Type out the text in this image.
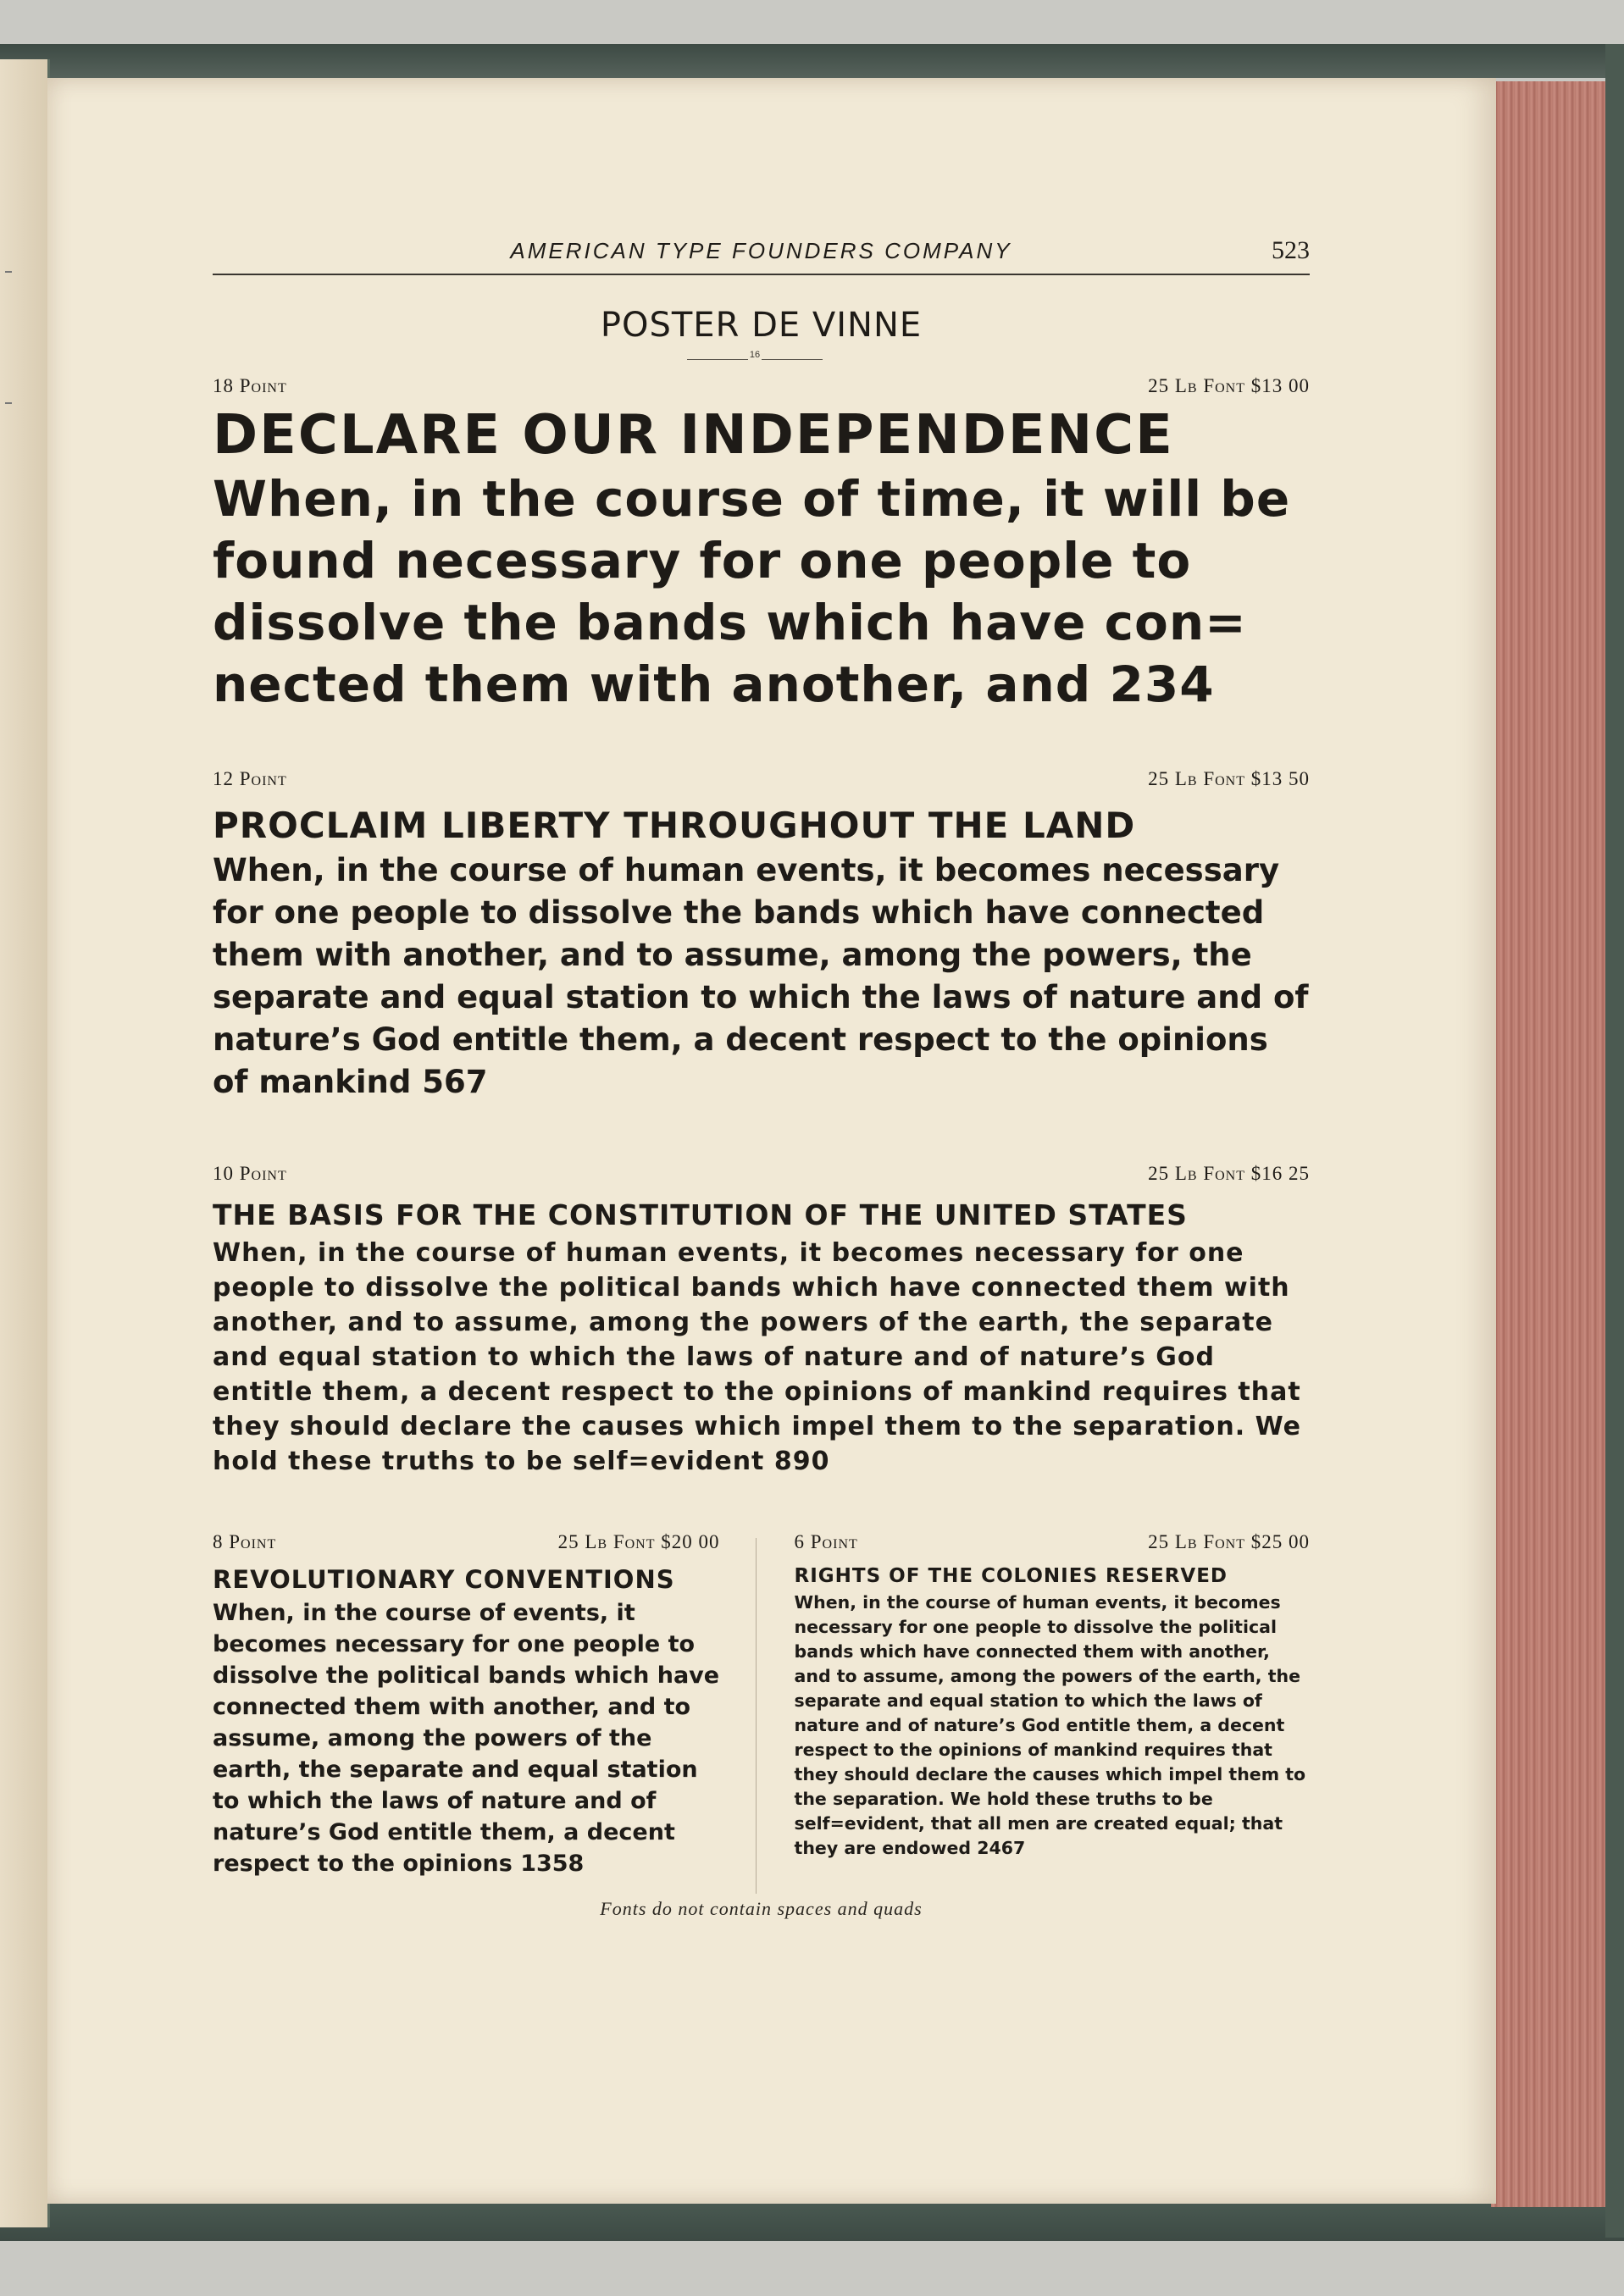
AMERICAN TYPE FOUNDERS COMPANY	523
POSTER DE VINNE
16
18 Point	25 Lb Font $13 00

DECLARE OUR INDEPENDENCE

When, in the course of time, it will be found necessary for one people to dissolve the bands which have con= nected them with another, and 234

12 Point	25 Lb Font $13 50

PROCLAIM LIBERTY THROUGHOUT THE LAND

When, in the course of human events, it becomes necessary for one people to dissolve the bands which have connected them with another, and to assume, among the powers, the separate and equal station to which the laws of nature and of nature’s God entitle them, a decent respect to the opinions of mankind 567

10 Point	25 Lb Font $16 25

THE BASIS FOR THE CONSTITUTION OF THE UNITED STATES

When, in the course of human events, it becomes necessary for one people to dissolve the political bands which have connected them with another, and to assume, among the powers of the earth, the separate and equal station to which the laws of nature and of nature’s God entitle them, a decent respect to the opinions of mankind requires that they should declare the causes which impel them to the separation. We hold these truths to be self=evident 890

8 Point	25 Lb Font $20 00

REVOLUTIONARY CONVENTIONS

When, in the course of events, it becomes necessary for one people to dissolve the political bands which have connected them with another, and to assume, among the powers of the earth, the separate and equal station to which the laws of nature and of nature’s God entitle them, a decent respect to the opinions 1358

6 Point	25 Lb Font $25 00

RIGHTS OF THE COLONIES RESERVED

When, in the course of human events, it becomes necessary for one people to dissolve the political bands which have connected them with another, and to assume, among the powers of the earth, the separate and equal station to which the laws of nature and of nature’s God entitle them, a decent respect to the opinions of mankind requires that they should declare the causes which impel them to the separation. We hold these truths to be self=evident, that all men are created equal; that they are endowed 2467

Fonts do not contain spaces and quads
